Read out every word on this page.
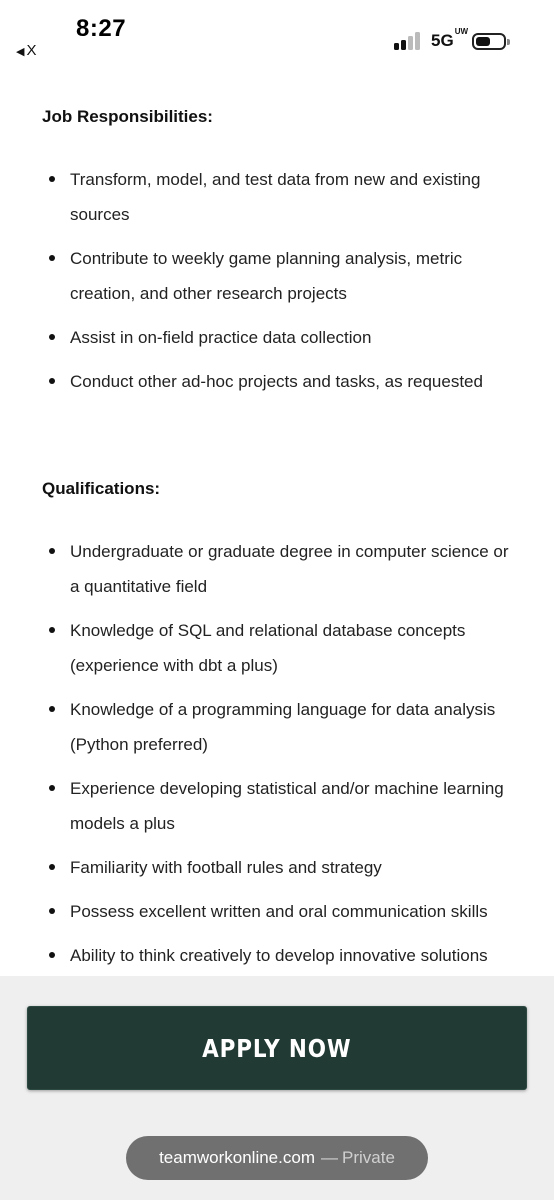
8:27
◀ X
$5G_{UW}$
Job Responsibilities:
Transform, model, and test data from new and existing sources
Contribute to weekly game planning analysis, metric creation, and other research projects
Assist in on-field practice data collection
Conduct other ad-hoc projects and tasks, as requested
Qualifications:
Undergraduate or graduate degree in computer science or a quantitative field
Knowledge of SQL and relational database concepts (experience with dbt a plus)
Knowledge of a programming language for data analysis (Python preferred)
Experience developing statistical and/or machine learning models a plus
Familiarity with football rules and strategy
Possess excellent written and oral communication skills
Ability to think creatively to develop innovative solutions
APPLY NOW
teamworkonline.com — Private
